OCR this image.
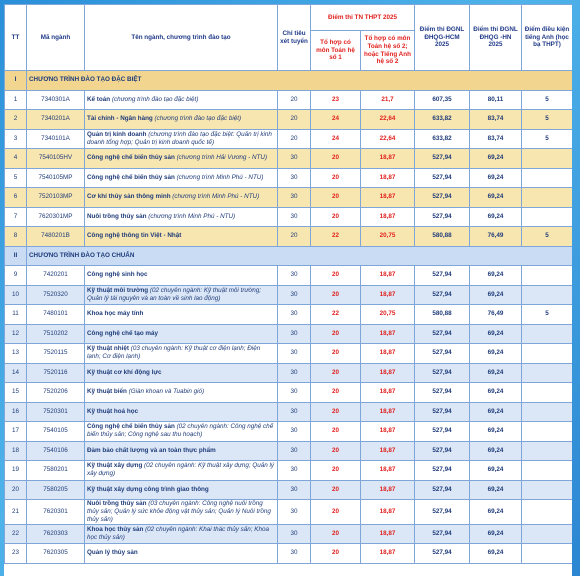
TT	Mã ngành	Tên ngành, chương trình đào tạo	Chỉ tiêu xét tuyển	Điểm thi TN THPT 2025		Điểm thi ĐGNL ĐHQG-HCM 2025	Điểm thi ĐGNL ĐHQG -HN 2025	Điểm điều kiện tiếng Anh (học bạ THPT)
				Tổ hợp có môn Toán hệ số 1	Tổ hợp có môn Toán hệ số 2; hoặc Tiếng Anh hệ số 2			
I	CHƯƠNG TRÌNH ĐÀO TẠO ĐẶC BIỆT							
1	7340301A	Kế toán (chương trình đào tạo đặc biệt)	20	23	21,7	607,35	80,11	5
2	7340201A	Tài chính - Ngân hàng (chương trình đào tạo đặc biệt)	20	24	22,64	633,82	83,74	5
3	7340101A	Quản trị kinh doanh (chương trình đào tạo đặc biệt: Quản trị kinh doanh tổng hợp; Quản trị kinh doanh quốc tế)	20	24	22,64	633,82	83,74	5
4	7540105HV	Công nghệ chế biến thủy sản (chương trình Hải Vương - NTU)	30	20	18,87	527,94	69,24	
5	7540105MP	Công nghệ chế biến thủy sản (chương trình Minh Phú - NTU)	30	20	18,87	527,94	69,24	
6	7520103MP	Cơ khí thủy sản thông minh (chương trình Minh Phú - NTU)	30	20	18,87	527,94	69,24	
7	7620301MP	Nuôi trồng thủy sản (chương trình Minh Phú - NTU)	30	20	18,87	527,94	69,24	
8	7480201B	Công nghệ thông tin Việt - Nhật	20	22	20,75	580,88	76,49	5
II	CHƯƠNG TRÌNH ĐÀO TẠO CHUẨN							
9	7420201	Công nghệ sinh học	30	20	18,87	527,94	69,24	
10	7520320	Kỹ thuật môi trường (02 chuyên ngành: Kỹ thuật môi trường; Quản lý tài nguyên và an toàn về sinh lao động)	30	20	18,87	527,94	69,24	
11	7480101	Khoa học máy tính	30	22	20,75	580,88	76,49	5
12	7510202	Công nghệ chế tạo máy	30	20	18,87	527,94	69,24	
13	7520115	Kỹ thuật nhiệt (03 chuyên ngành: Kỹ thuật cơ điện lạnh; Điện lạnh; Cơ điện lạnh)	30	20	18,87	527,94	69,24	
14	7520116	Kỹ thuật cơ khí động lực	30	20	18,87	527,94	69,24	
15	7520206	Kỹ thuật biển (Giàn khoan và Tuabin gió)	30	20	18,87	527,94	69,24	
16	7520301	Kỹ thuật hoá học	30	20	18,87	527,94	69,24	
17	7540105	Công nghệ chế biến thủy sản (02 chuyên ngành: Công nghệ chế biến thủy sản; Công nghệ sau thu hoạch)	30	20	18,87	527,94	69,24	
18	7540106	Đảm bảo chất lượng và an toàn thực phẩm	30	20	18,87	527,94	69,24	
19	7580201	Kỹ thuật xây dựng (02 chuyên ngành: Kỹ thuật xây dựng; Quản lý xây dựng)	30	20	18,87	527,94	69,24	
20	7580205	Kỹ thuật xây dựng công trình giao thông	30	20	18,87	527,94	69,24	
21	7620301	Nuôi trồng thủy sản (03 chuyên ngành: Công nghệ nuôi trồng thủy sản; Quản lý sức khỏe động vật thủy sản; Quản lý Nuôi trồng thủy sản)	30	20	18,87	527,94	69,24	
22	7620303	Khoa học thủy sản (02 chuyên ngành: Khai thác thủy sản; Khoa học thủy sản)	30	20	18,87	527,94	69,24	
23	7620305	Quản lý thủy sản	30	20	18,87	527,94	69,24	
